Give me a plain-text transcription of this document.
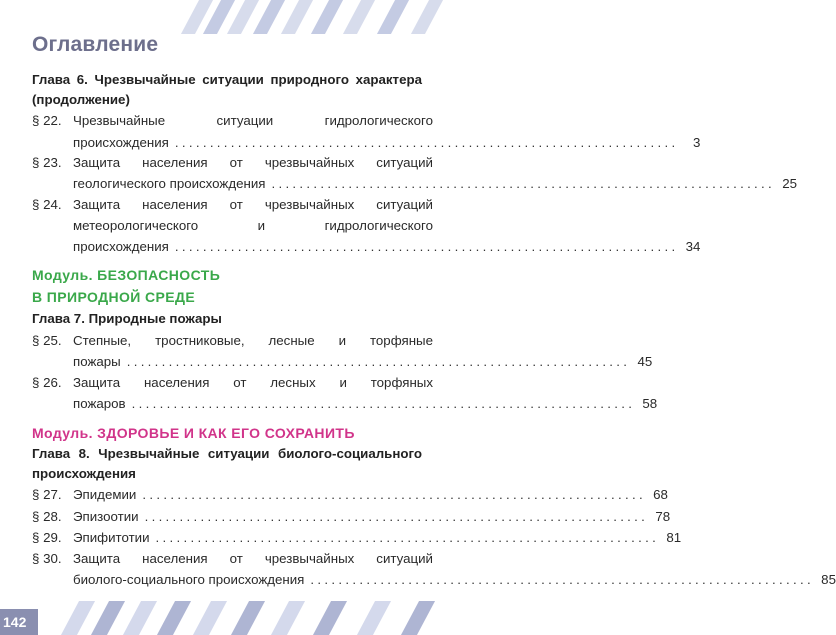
Оглавление
Глава 6. Чрезвычайные ситуации природного характера (продолжение)
§ 22. Чрезвычайные ситуации гидрологического
происхождения ........................................................................	3
§ 23. Защита населения от чрезвычайных ситуаций
геологического происхождения ........................................................................ 25
§ 24. Защита населения от чрезвычайных ситуаций
метеорологического и гидрологического
происхождения ........................................................................ 34
Модуль. БЕЗОПАСНОСТЬ
В ПРИРОДНОЙ СРЕДЕ
Глава 7. Природные пожары
§ 25. Степные, тростниковые, лесные и торфяные
пожары ........................................................................ 45
§ 26. Защита населения от лесных и торфяных
пожаров ........................................................................ 58
Модуль. ЗДОРОВЬЕ И КАК ЕГО СОХРАНИТЬ
Глава 8. Чрезвычайные ситуации биолого-социального происхождения
§ 27. Эпидемии ........................................................................ 68
§ 28. Эпизоотии ........................................................................ 78
§ 29. Эпифитотии ........................................................................ 81
§ 30. Защита населения от чрезвычайных ситуаций
биолого-социального происхождения ........................................................................ 85
142
